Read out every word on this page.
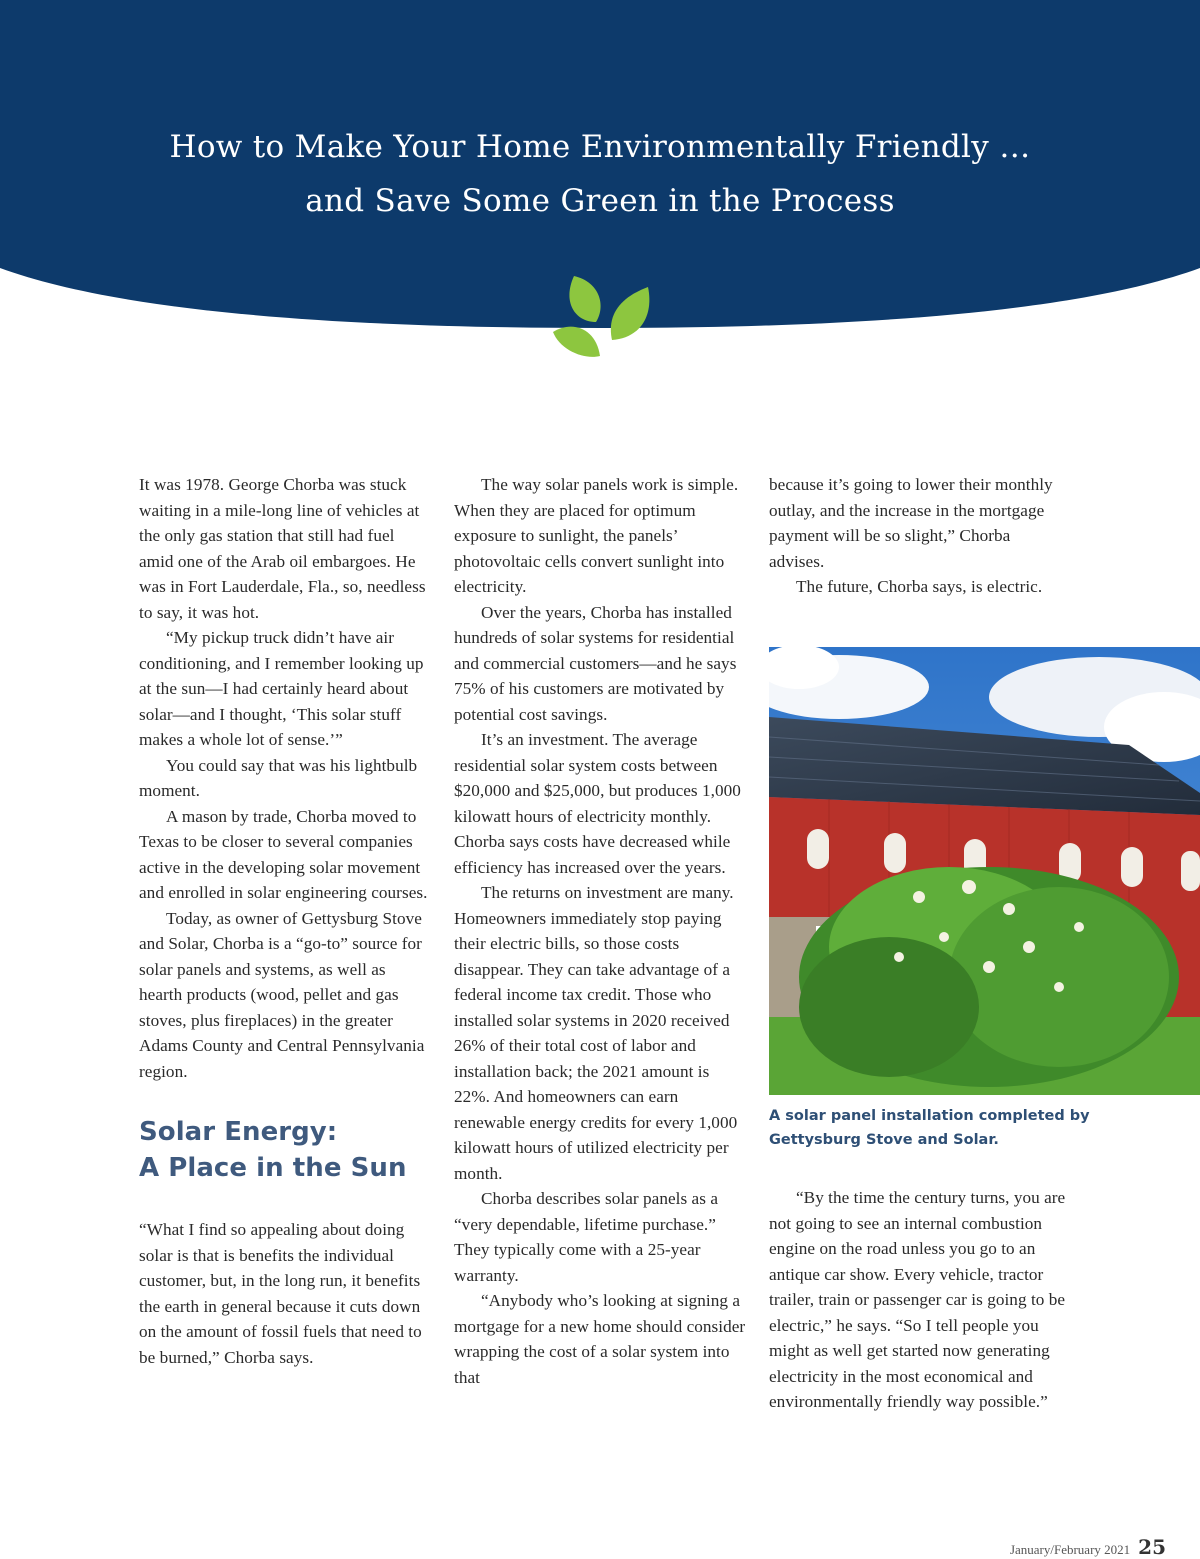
How to Make Your Home Environmentally Friendly …
and Save Some Green in the Process

It was 1978. George Chorba was stuck waiting in a mile-long line of vehicles at the only gas station that still had fuel amid one of the Arab oil embargoes. He was in Fort Lauderdale, Fla., so, needless to say, it was hot.

“My pickup truck didn’t have air conditioning, and I remember looking up at the sun—I had certainly heard about solar—and I thought, ‘This solar stuff makes a whole lot of sense.’”

You could say that was his lightbulb moment.

A mason by trade, Chorba moved to Texas to be closer to several companies active in the developing solar movement and enrolled in solar engineering courses.

Today, as owner of Gettysburg Stove and Solar, Chorba is a “go-to” source for solar panels and systems, as well as hearth products (wood, pellet and gas stoves, plus fireplaces) in the greater Adams County and Central Pennsylvania region.

Solar Energy:
A Place in the Sun

“What I find so appealing about doing solar is that is benefits the individual customer, but, in the long run, it benefits the earth in general because it cuts down on the amount of fossil fuels that need to be burned,” Chorba says.

The way solar panels work is simple. When they are placed for optimum exposure to sunlight, the panels’ photovoltaic cells convert sunlight into electricity.

Over the years, Chorba has installed hundreds of solar systems for residential and commercial customers—and he says 75% of his customers are motivated by potential cost savings.

It’s an investment. The average residential solar system costs between $20,000 and $25,000, but produces 1,000 kilowatt hours of electricity monthly. Chorba says costs have decreased while efficiency has increased over the years.

The returns on investment are many. Homeowners immediately stop paying their electric bills, so those costs disappear. They can take advantage of a federal income tax credit. Those who installed solar systems in 2020 received 26% of their total cost of labor and installation back; the 2021 amount is 22%. And homeowners can earn renewable energy credits for every 1,000 kilowatt hours of utilized electricity per month.

Chorba describes solar panels as a “very dependable, lifetime purchase.” They typically come with a 25-year warranty.

“Anybody who’s looking at signing a mortgage for a new home should consider wrapping the cost of a solar system into that

because it’s going to lower their monthly outlay, and the increase in the mortgage payment will be so slight,” Chorba advises.

The future, Chorba says, is electric.

A solar panel installation completed by Gettysburg Stove and Solar.

“By the time the century turns, you are not going to see an internal combustion engine on the road unless you go to an antique car show. Every vehicle, tractor trailer, train or passenger car is going to be electric,” he says. “So I tell people you might as well get started now generating electricity in the most economical and environmentally friendly way possible.”

January/February 2021 25
